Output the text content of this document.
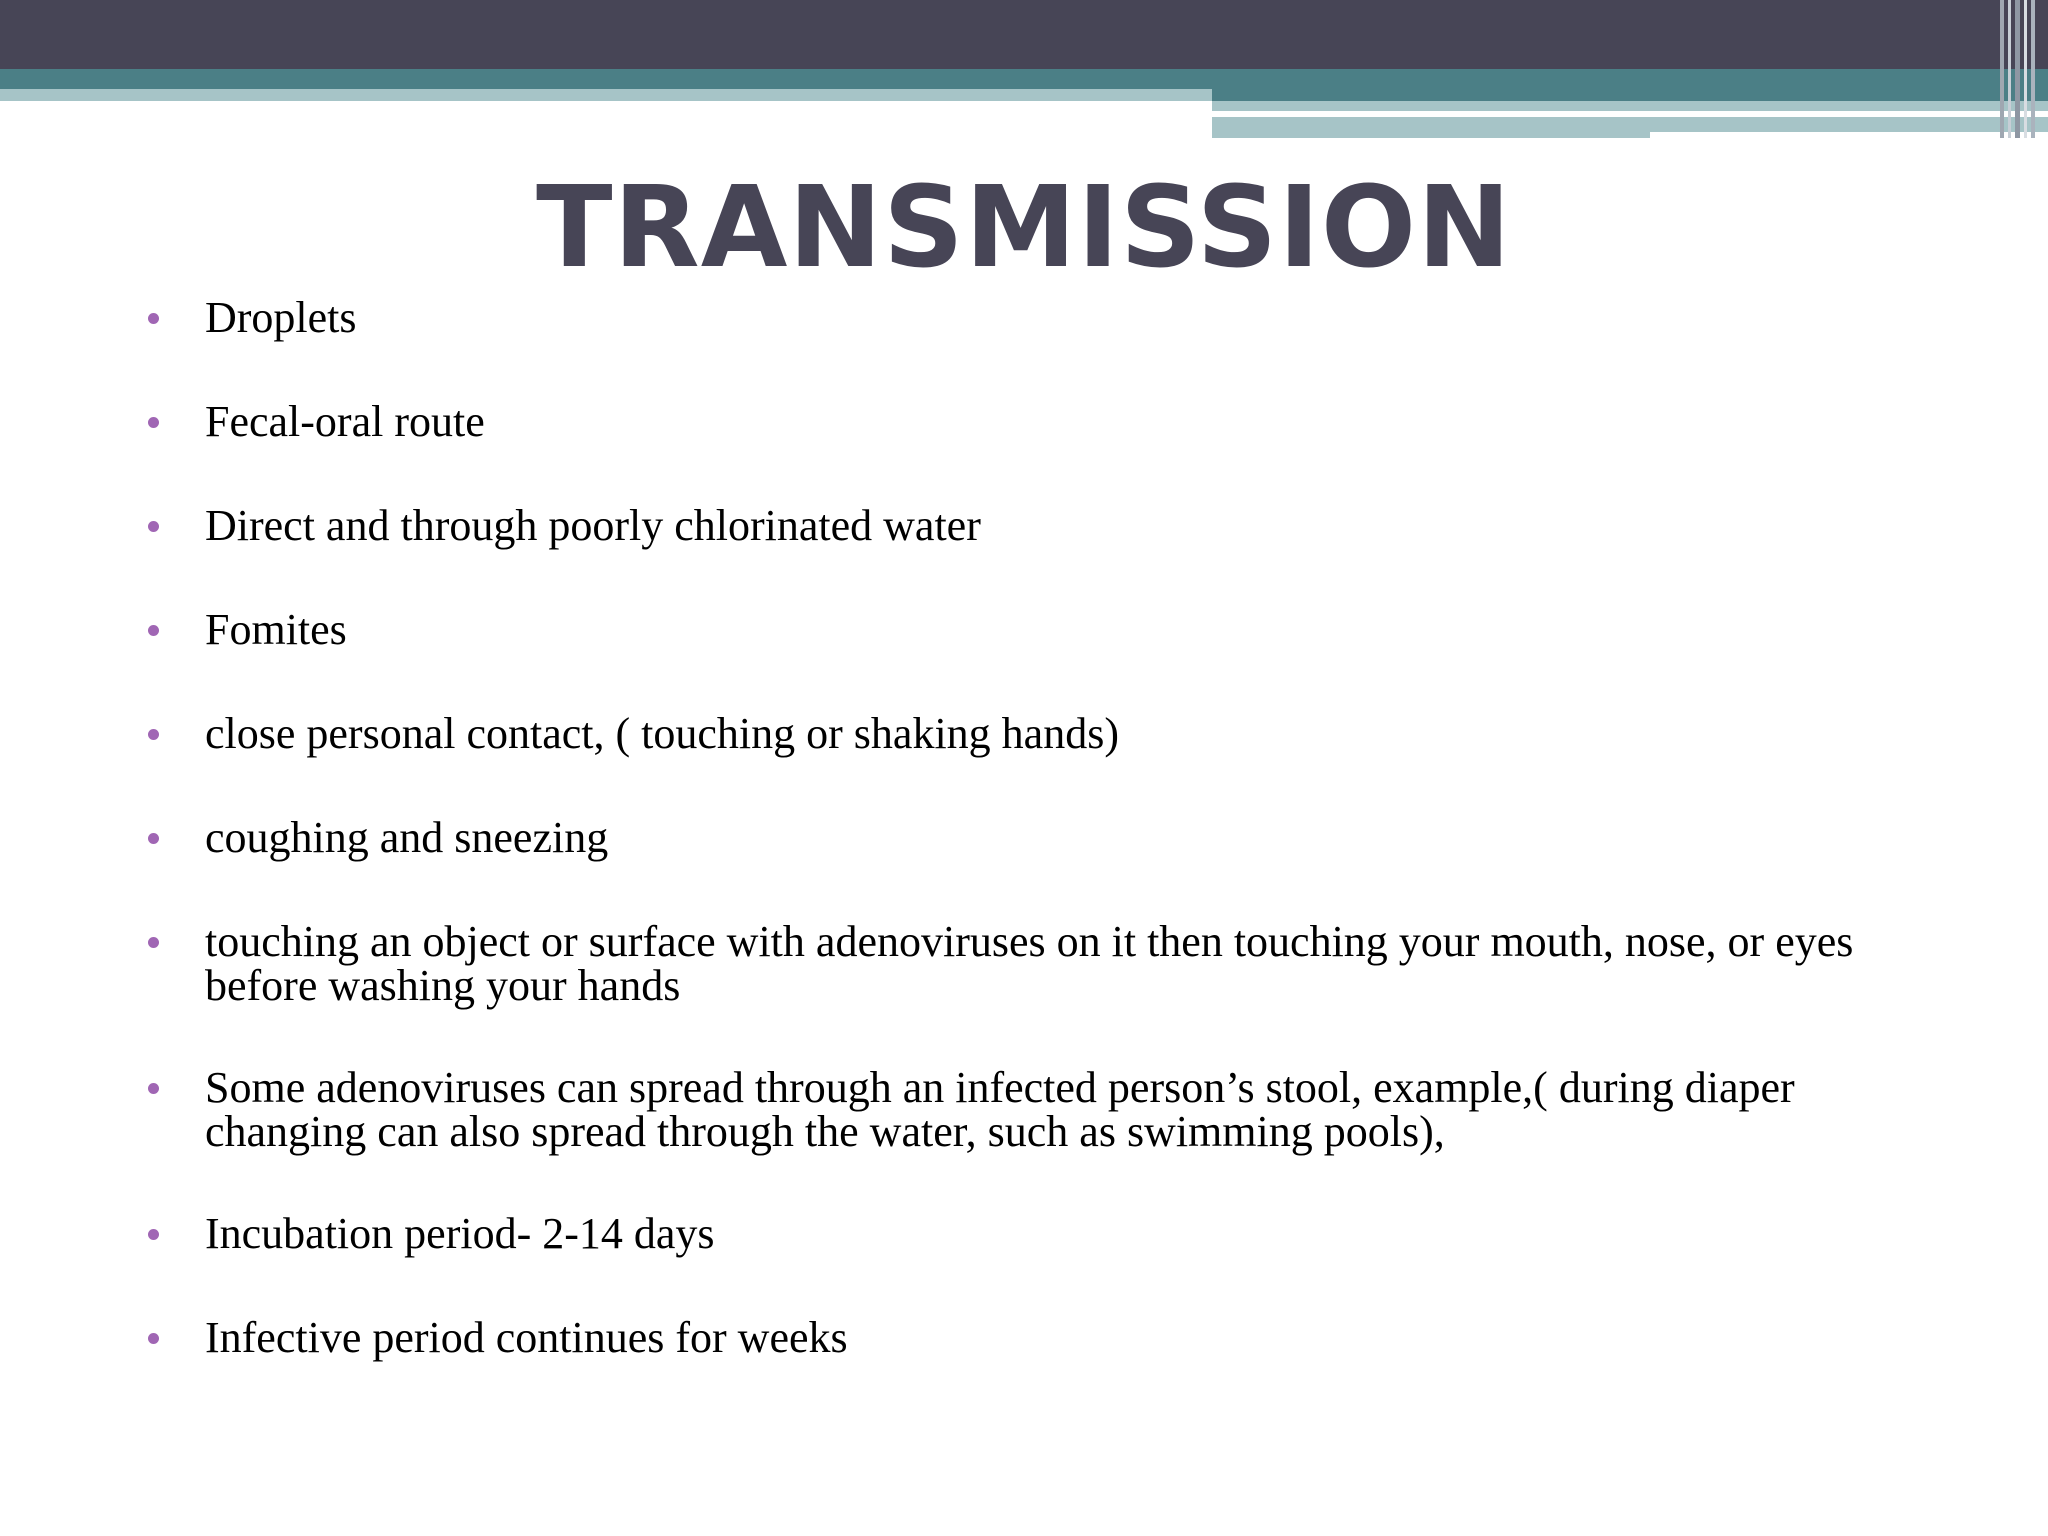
TRANSMISSION
Droplets
Fecal-oral route
Direct and through poorly chlorinated water
Fomites
close personal contact, ( touching or shaking hands)
coughing and sneezing
touching an object or surface with adenoviruses on it then touching your mouth, nose, or eyes before washing your hands
Some adenoviruses can spread through an infected person’s stool, example,( during diaper changing can also spread through the water, such as swimming pools),
Incubation period- 2-14 days
Infective period continues for weeks
